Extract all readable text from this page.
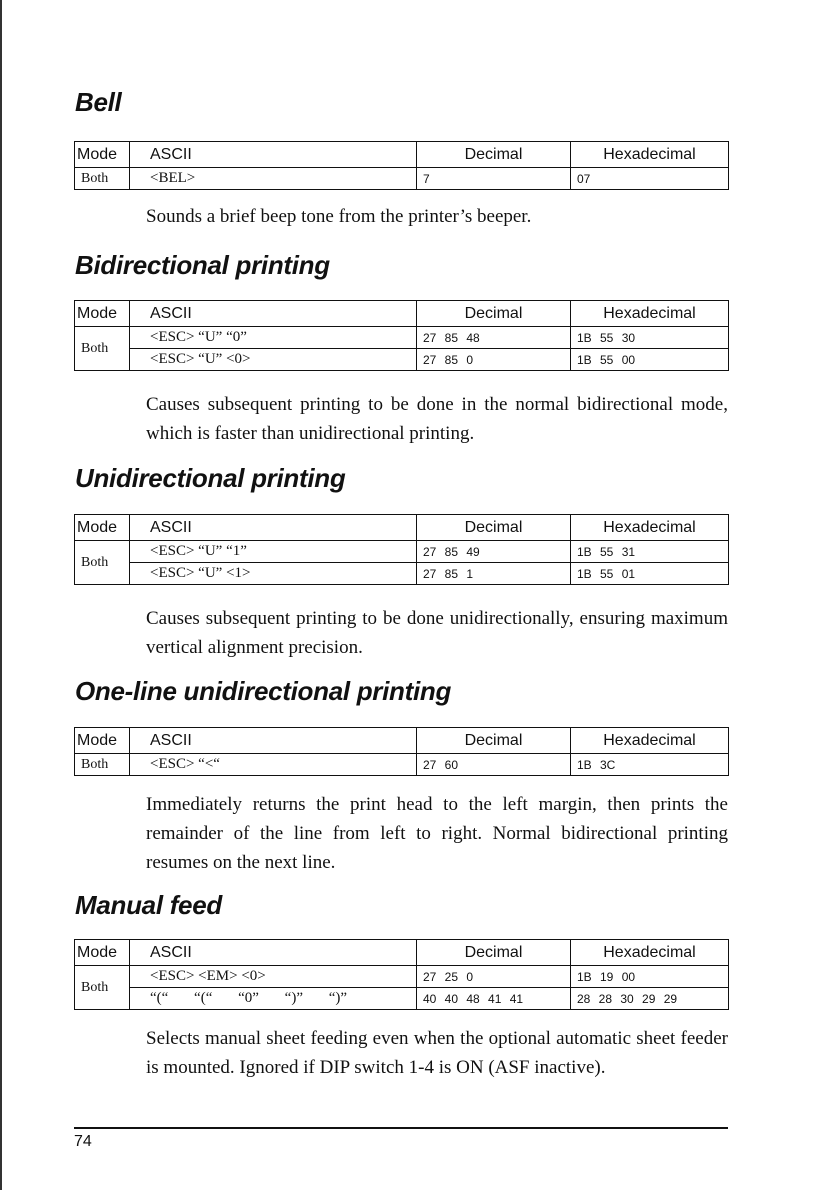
Bell
Mode	ASCII	Decimal	Hexadecimal
Both	<BEL>	7	07

Sounds a brief beep tone from the printer’s beeper.

Bidirectional printing
Mode	ASCII	Decimal	Hexadecimal
Both	<ESC> “U” “0”	27 85 48	1B 55 30
	<ESC> “U” <0>	27 85 0	1B 55 00

Causes subsequent printing to be done in the normal bidirectional mode, which is faster than unidirectional printing.

Unidirectional printing
Mode	ASCII	Decimal	Hexadecimal
Both	<ESC> “U” “1”	27 85 49	1B 55 31
	<ESC> “U” <1>	27 85 1	1B 55 01

Causes subsequent printing to be done unidirectionally, ensuring maximum vertical alignment precision.

One-line unidirectional printing
Mode	ASCII	Decimal	Hexadecimal
Both	<ESC> “<“	27 60	1B 3C

Immediately returns the print head to the left margin, then prints the remainder of the line from left to right. Normal bidirectional printing resumes on the next line.

Manual feed
Mode	ASCII	Decimal	Hexadecimal
Both	<ESC> <EM> <0>	27 25 0	1B 19 00
	“(“ “(“ “0” “)” “)”	40 40 48 41 41	28 28 30 29 29

Selects manual sheet feeding even when the optional automatic sheet feeder is mounted. Ignored if DIP switch 1-4 is ON (ASF inactive).

74
